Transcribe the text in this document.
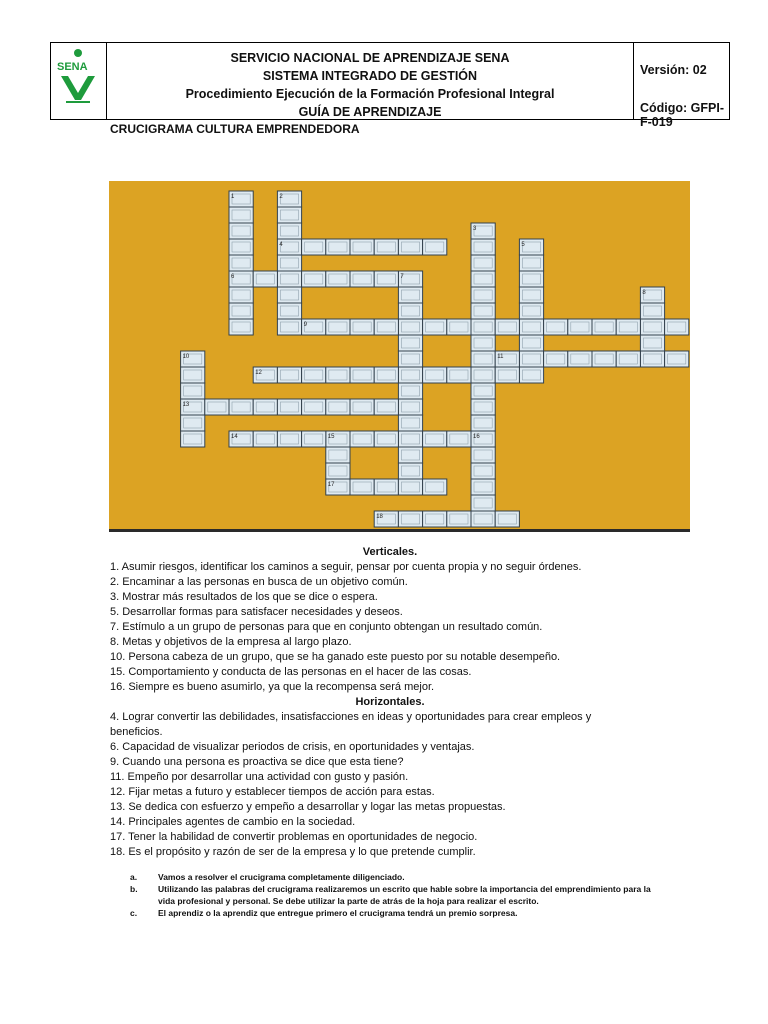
SENA
SERVICIO NACIONAL DE APRENDIZAJE SENA
SISTEMA INTEGRADO DE GESTIÓN
Procedimiento Ejecución de la Formación Profesional Integral
GUÍA DE APRENDIZAJE
Versión: 02
Código: GFPI-F-019
CRUCIGRAMA CULTURA EMPRENDEDORA
1
6
2
4
3
5
8
10
13
7
15
17
16
9
11
12
14
18
Verticales.
1. Asumir riesgos, identificar los caminos a seguir, pensar por cuenta propia y no seguir órdenes.
2. Encaminar a las personas en busca de un objetivo común.
3. Mostrar más resultados de los que se dice o espera.
5. Desarrollar formas para satisfacer necesidades y deseos.
7. Estímulo a un grupo de personas para que en conjunto obtengan un resultado común.
8. Metas y objetivos de la empresa al largo plazo.
10. Persona cabeza de un grupo, que se ha ganado este puesto por su notable desempeño.
15. Comportamiento y conducta de las personas en el hacer de las cosas.
16. Siempre es bueno asumirlo, ya que la recompensa será mejor.
Horizontales.
4. Lograr convertir las debilidades, insatisfacciones en ideas y oportunidades para crear empleos y
beneficios.
6. Capacidad de visualizar periodos de crisis, en oportunidades y ventajas.
9. Cuando una persona es proactiva se dice que esta tiene?
11. Empeño por desarrollar una actividad con gusto y pasión.
12. Fijar metas a futuro y establecer tiempos de acción para estas.
13. Se dedica con esfuerzo y empeño a desarrollar y logar las metas propuestas.
14. Principales agentes de cambio en la sociedad.
17. Tener la habilidad de convertir problemas en oportunidades de negocio.
18. Es el propósito y razón de ser de la empresa y lo que pretende cumplir.
a. Vamos a resolver el crucigrama completamente diligenciado.
b. Utilizando las palabras del crucigrama realizaremos un escrito que hable sobre la importancia del emprendimiento para la vida profesional y personal. Se debe utilizar la parte de atrás de la hoja para realizar el escrito.
c. El aprendiz o la aprendiz que entregue primero el crucigrama tendrá un premio sorpresa.
